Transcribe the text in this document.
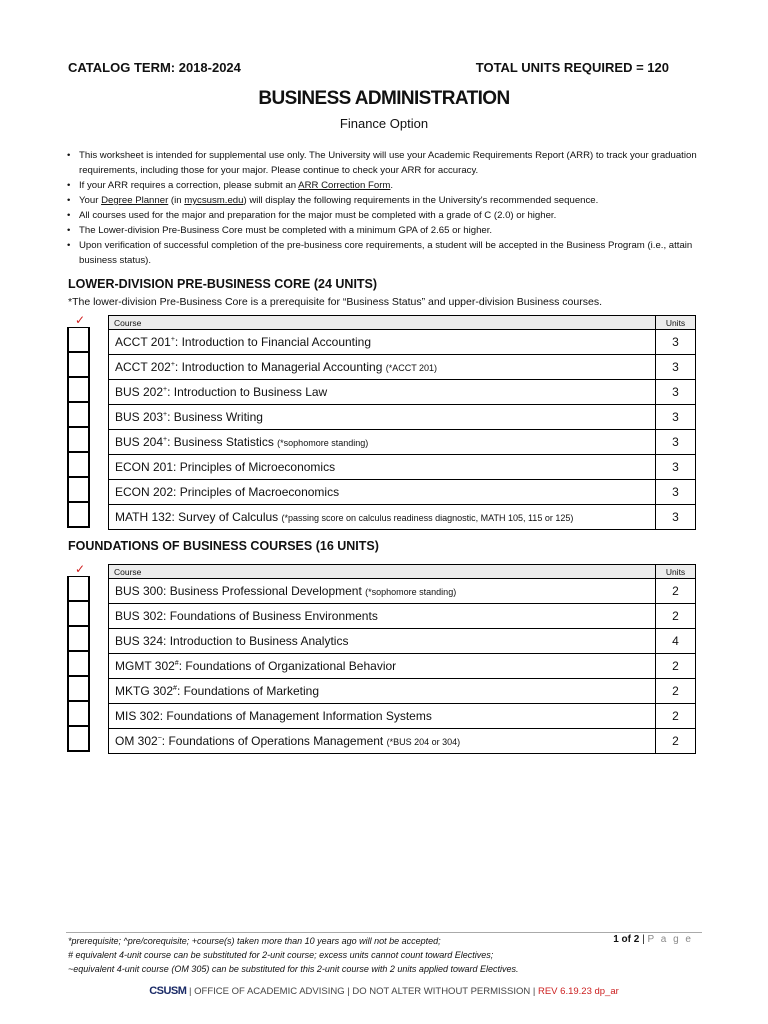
CATALOG TERM: 2018-2024	TOTAL UNITS REQUIRED = 120
BUSINESS ADMINISTRATION
Finance Option
• This worksheet is intended for supplemental use only. The University will use your Academic Requirements Report (ARR) to track your graduation requirements, including those for your major. Please continue to check your ARR for accuracy.
• If your ARR requires a correction, please submit an ARR Correction Form.
• Your Degree Planner (in mycsusm.edu) will display the following requirements in the University's recommended sequence.
• All courses used for the major and preparation for the major must be completed with a grade of C (2.0) or higher.
• The Lower-division Pre-Business Core must be completed with a minimum GPA of 2.65 or higher.
• Upon verification of successful completion of the pre-business core requirements, a student will be accepted in the Business Program (i.e., attain business status).
LOWER-DIVISION PRE-BUSINESS CORE (24 UNITS)
*The lower-division Pre-Business Core is a prerequisite for “Business Status” and upper-division Business courses.
✓	Course	Units
ACCT 201+: Introduction to Financial Accounting	3
ACCT 202+: Introduction to Managerial Accounting (*ACCT 201)	3
BUS 202+: Introduction to Business Law	3
BUS 203+: Business Writing	3
BUS 204+: Business Statistics (*sophomore standing)	3
ECON 201: Principles of Microeconomics	3
ECON 202: Principles of Macroeconomics	3
MATH 132: Survey of Calculus (*passing score on calculus readiness diagnostic, MATH 105, 115 or 125)	3
FOUNDATIONS OF BUSINESS COURSES (16 UNITS)
✓	Course	Units
BUS 300: Business Professional Development (*sophomore standing)	2
BUS 302: Foundations of Business Environments	2
BUS 324: Introduction to Business Analytics	4
MGMT 302#: Foundations of Organizational Behavior	2
MKTG 302#: Foundations of Marketing	2
MIS 302: Foundations of Management Information Systems	2
OM 302~: Foundations of Operations Management (*BUS 204 or 304)	2
*prerequisite; ^pre/corequisite; +course(s) taken more than 10 years ago will not be accepted;
# equivalent 4-unit course can be substituted for 2-unit course; excess units cannot count toward Electives;
~equivalent 4-unit course (OM 305) can be substituted for this 2-unit course with 2 units applied toward Electives.
1 of 2 | P a g e
CSUSM | OFFICE OF ACADEMIC ADVISING | DO NOT ALTER WITHOUT PERMISSION | REV 6.19.23 dp_ar
